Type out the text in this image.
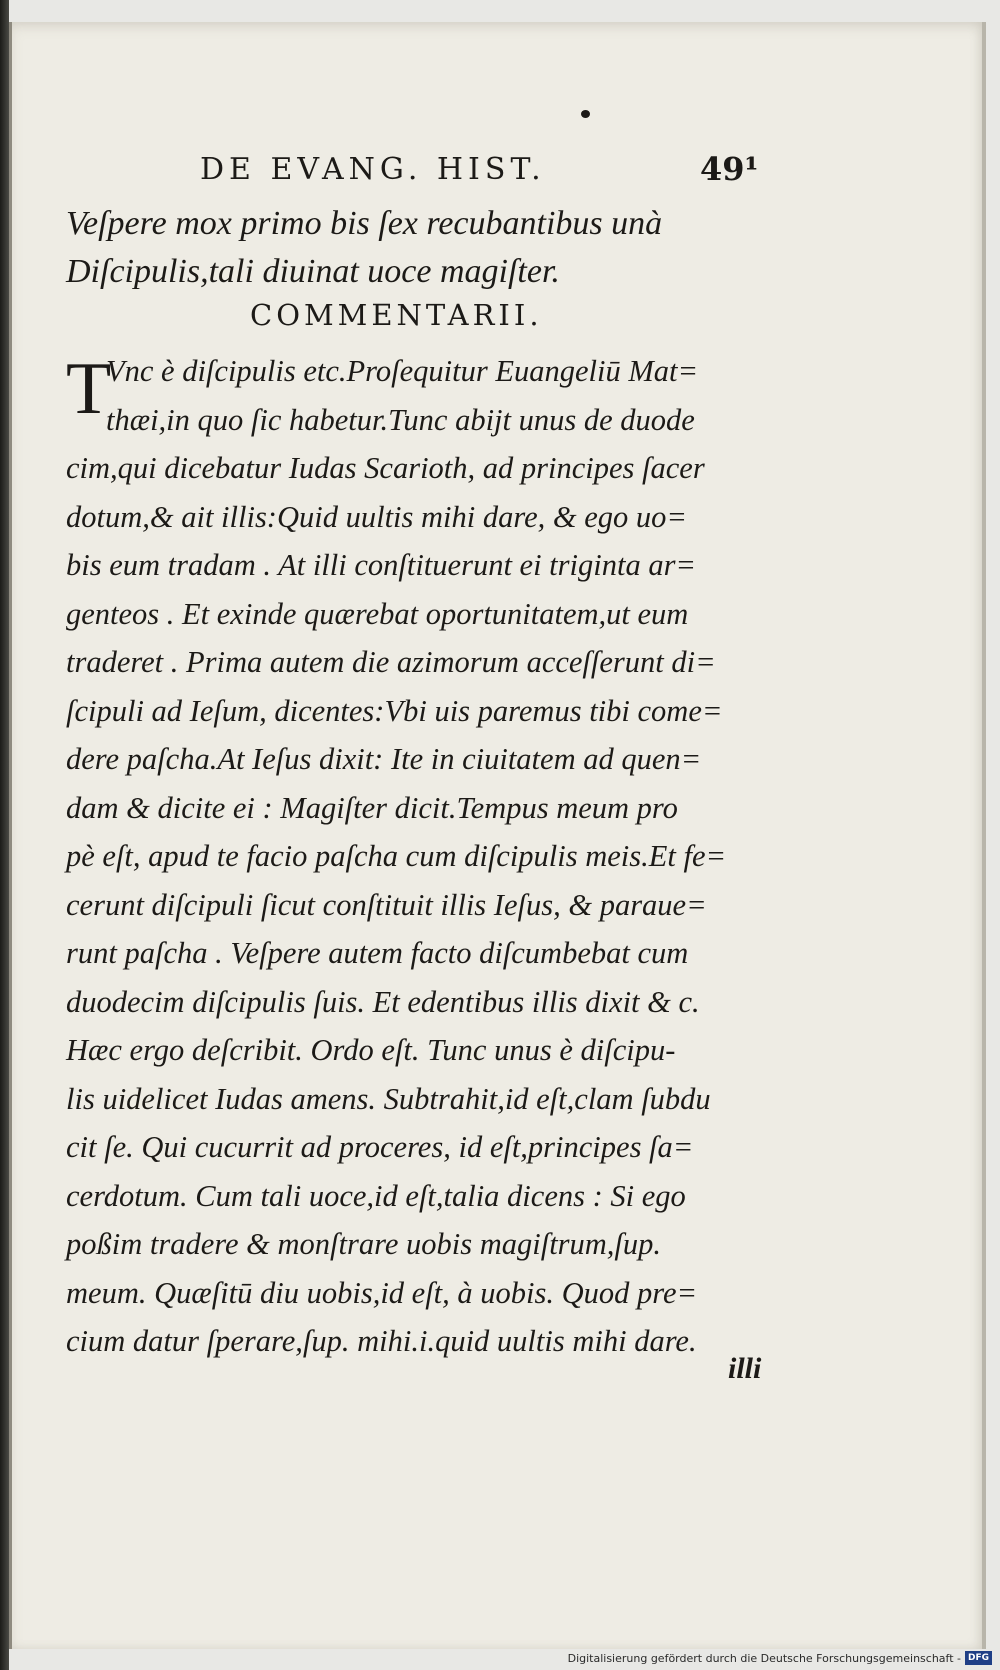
DE EVANG. HIST.	49¹
Veſpere mox primo bis ſex recubantibus unà
Diſcipulis,tali diuinat uoce magiſter.
COMMENTARII.
T
Vnc è diſcipulis etc.Proſequitur Euangeliū Mat=
thæi,in quo ſic habetur.Tunc abijt unus de duode
cim,qui dicebatur Iudas Scarioth, ad principes ſacer
dotum,& ait illis:Quid uultis mihi dare, & ego uo=
bis eum tradam . At illi conſtituerunt ei triginta ar=
genteos . Et exinde quærebat oportunitatem,ut eum
traderet . Prima autem die azimorum acceſſerunt di=
ſcipuli ad Ieſum, dicentes:Vbi uis paremus tibi come=
dere paſcha.At Ieſus dixit: Ite in ciuitatem ad quen=
dam & dicite ei : Magiſter dicit.Tempus meum pro
pè eſt, apud te facio paſcha cum diſcipulis meis.Et fe=
cerunt diſcipuli ſicut conſtituit illis Ieſus, & paraue=
runt paſcha . Veſpere autem facto diſcumbebat cum
duodecim diſcipulis ſuis. Et edentibus illis dixit & c.
Hæc ergo deſcribit. Ordo eſt. Tunc unus è diſcipu-
lis uidelicet Iudas amens. Subtrahit,id eſt,clam ſubdu
cit ſe. Qui cucurrit ad proceres, id eſt,principes ſa=
cerdotum. Cum tali uoce,id eſt,talia dicens : Si ego
poßim tradere & monſtrare uobis magiſtrum,ſup.
meum. Quæſitū diu uobis,id eſt, à uobis. Quod pre=
cium datur ſperare,ſup. mihi.i.quid uultis mihi dare.
illi
Digitalisierung gefördert durch die Deutsche Forschungsgemeinschaft - DFG
